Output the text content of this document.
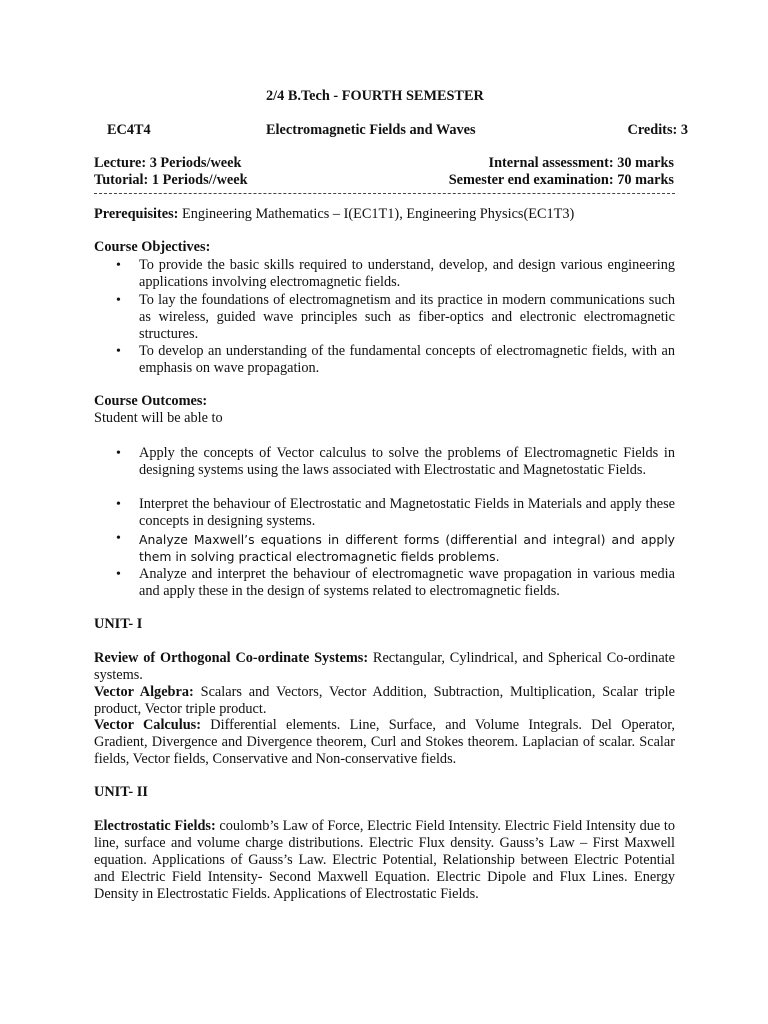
2/4 B.Tech - FOURTH SEMESTER
EC4T4	Electromagnetic Fields and Waves	Credits: 3
Lecture: 3 Periods/week
Tutorial: 1 Periods//week
Internal assessment: 30 marks
Semester end examination: 70 marks
Prerequisites: Engineering Mathematics – I(EC1T1), Engineering Physics(EC1T3)
Course Objectives:
• To provide the basic skills required to understand, develop, and design various engineering applications involving electromagnetic fields.
• To lay the foundations of electromagnetism and its practice in modern communications such as wireless, guided wave principles such as fiber-optics and electronic electromagnetic structures.
• To develop an understanding of the fundamental concepts of electromagnetic fields, with an emphasis on wave propagation.
Course Outcomes:
Student will be able to
• Apply the concepts of Vector calculus to solve the problems of Electromagnetic Fields in designing systems using the laws associated with Electrostatic and Magnetostatic Fields.
• Interpret the behaviour of Electrostatic and Magnetostatic Fields in Materials and apply these concepts in designing systems.
• Analyze Maxwell’s equations in different forms (differential and integral) and apply them in solving practical electromagnetic fields problems.
• Analyze and interpret the behaviour of electromagnetic wave propagation in various media and apply these in the design of systems related to electromagnetic fields.
UNIT- I
Review of Orthogonal Co-ordinate Systems: Rectangular, Cylindrical, and Spherical Co-ordinate systems.
Vector Algebra: Scalars and Vectors, Vector Addition, Subtraction, Multiplication, Scalar triple product, Vector triple product.
Vector Calculus: Differential elements. Line, Surface, and Volume Integrals. Del Operator, Gradient, Divergence and Divergence theorem, Curl and Stokes theorem. Laplacian of scalar. Scalar fields, Vector fields, Conservative and Non-conservative fields.
UNIT- II
Electrostatic Fields: coulomb’s Law of Force, Electric Field Intensity. Electric Field Intensity due to line, surface and volume charge distributions. Electric Flux density. Gauss’s Law – First Maxwell equation. Applications of Gauss’s Law. Electric Potential, Relationship between Electric Potential and Electric Field Intensity- Second Maxwell Equation. Electric Dipole and Flux Lines. Energy Density in Electrostatic Fields. Applications of Electrostatic Fields.
